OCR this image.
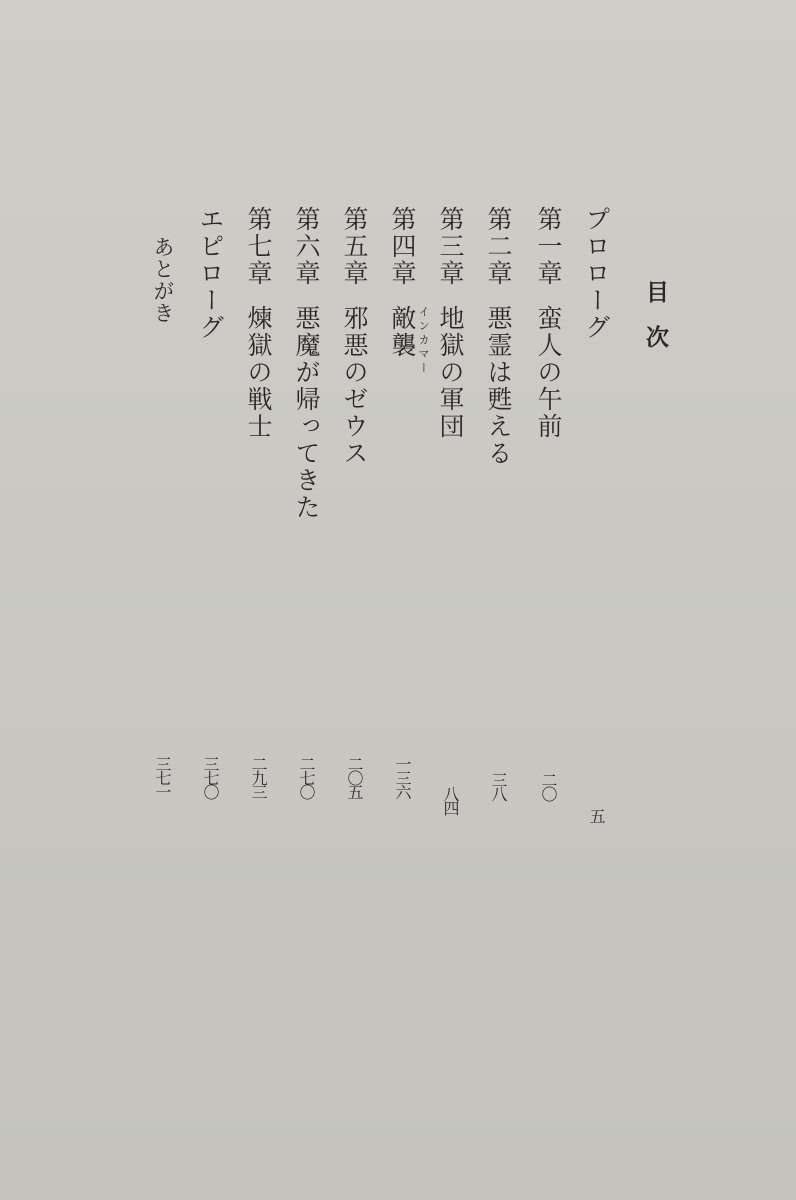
目次
プロローグ
五
第一章蛮人の午前
二〇
第二章悪霊は甦える
三八
第三章地獄の軍団
八四
第四章敵襲 インカマー
一三六
第五章邪悪のゼウス
二〇五
第六章悪魔が帰ってきた
二七〇
第七章煉獄の戦士
二九三
エピローグ
三七〇
あとがき
三七一
